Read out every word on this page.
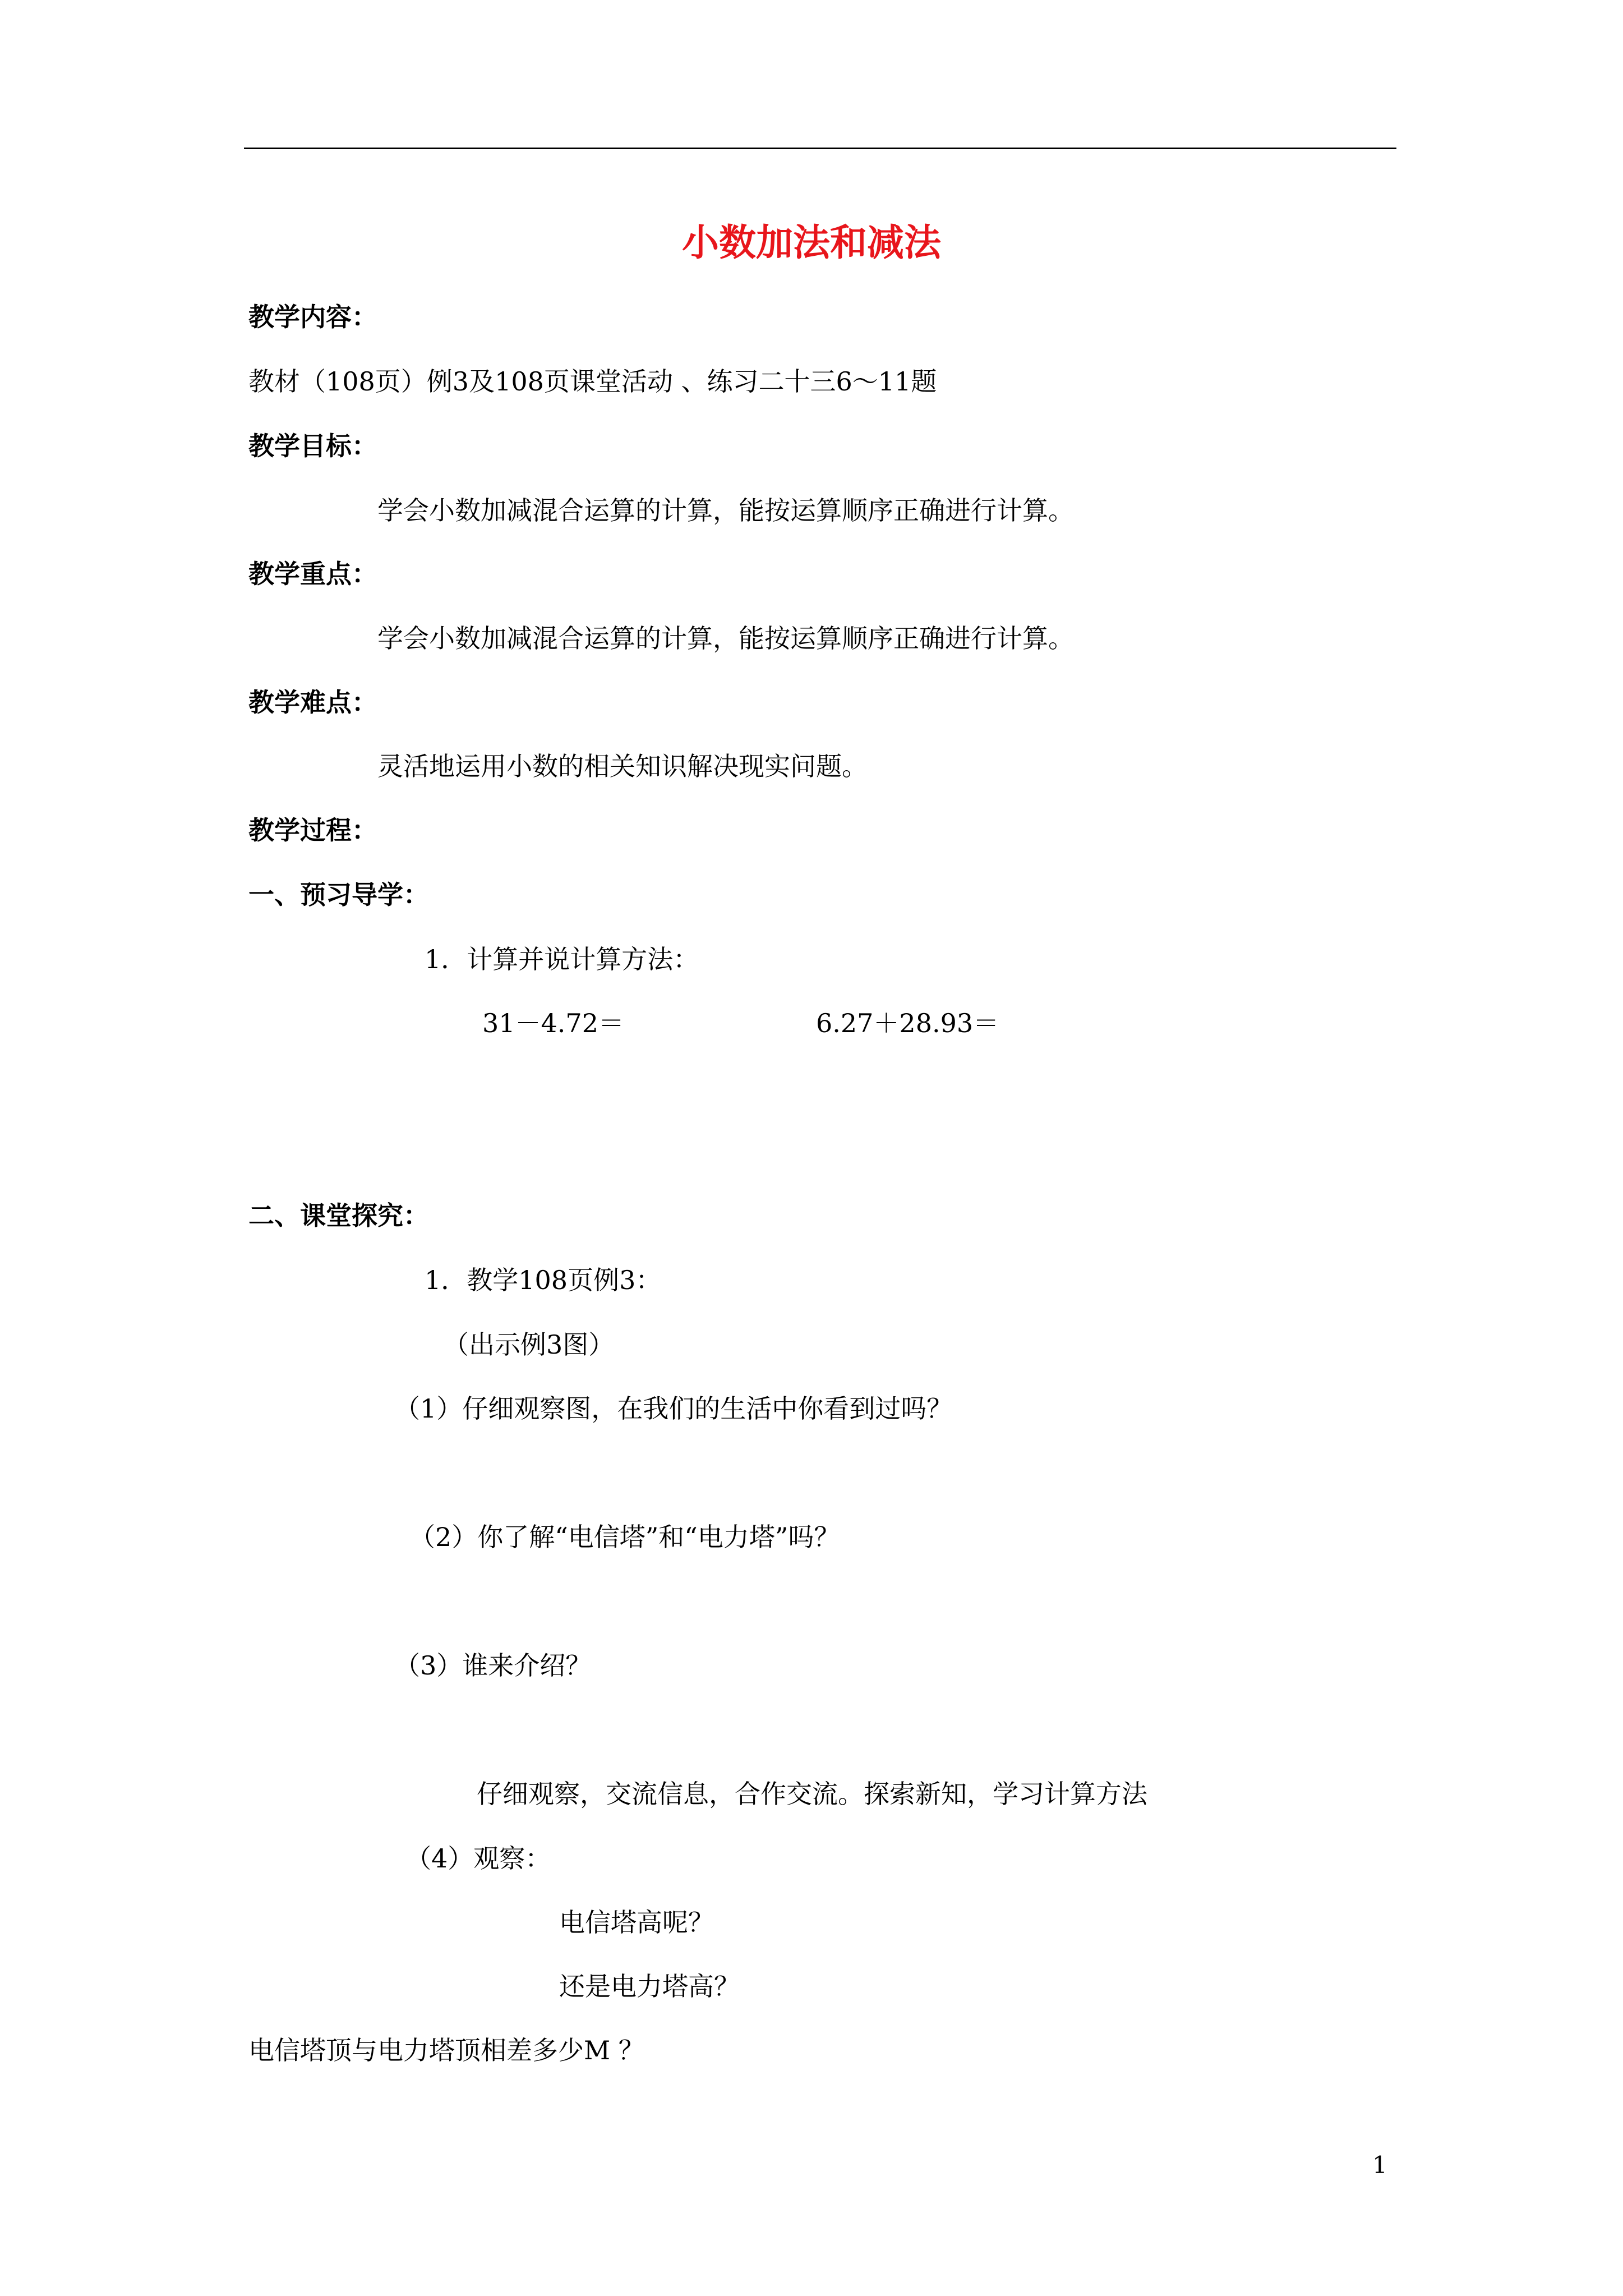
小数加法和减法
教学内容：
教材（108页）例3及108页课堂活动 、练习二十三6～11题
教学目标：
学会小数加减混合运算的计算，能按运算顺序正确进行计算。
教学重点：
学会小数加减混合运算的计算，能按运算顺序正确进行计算。
教学难点：
灵活地运用小数的相关知识解决现实问题。
教学过程：
一、预习导学：
1．计算并说计算方法：
31－4.72＝	6.27＋28.93＝
二、课堂探究：
1．教学108页例3：
（出示例3图）
（1）仔细观察图，在我们的生活中你看到过吗？
（2）你了解“电信塔”和“电力塔”吗？
（3）谁来介绍？
仔细观察，交流信息，合作交流。探索新知，学习计算方法
（4）观察：
电信塔高呢？
还是电力塔高？
电信塔顶与电力塔顶相差多少M ？
1
